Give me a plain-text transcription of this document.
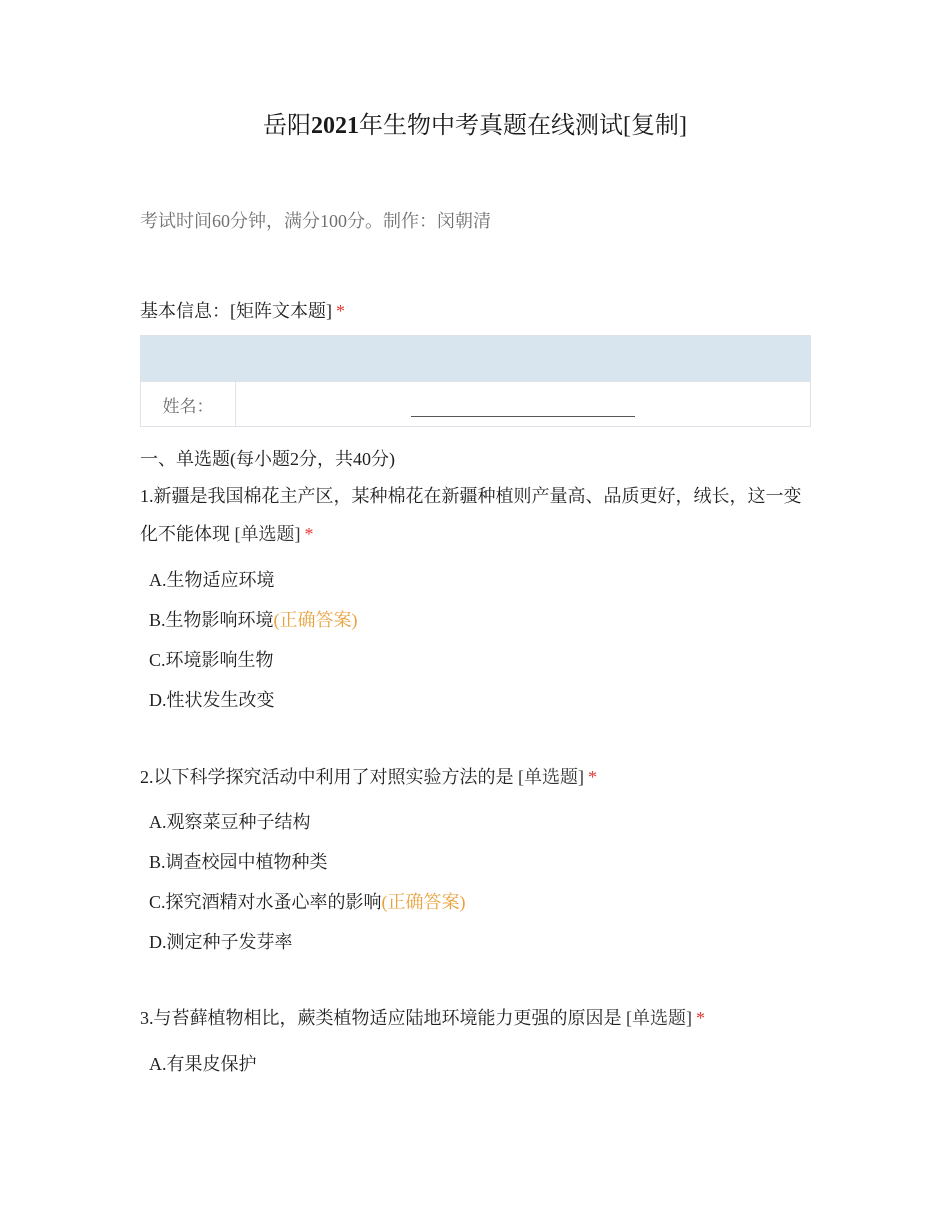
岳阳2021年生物中考真题在线测试[复制]
考试时间60分钟，满分100分。制作：闵朝清
基本信息：[矩阵文本题] *

姓名：	
一、单选题(每小题2分，共40分)
1.新疆是我国棉花主产区，某种棉花在新疆种植则产量高、品质更好，绒长，这一变化不能体现 [单选题] *
A.生物适应环境
B.生物影响环境(正确答案)
C.环境影响生物
D.性状发生改变
2.以下科学探究活动中利用了对照实验方法的是 [单选题] *
A.观察菜豆种子结构
B.调查校园中植物种类
C.探究酒精对水蚤心率的影响(正确答案)
D.测定种子发芽率
3.与苔藓植物相比，蕨类植物适应陆地环境能力更强的原因是 [单选题] *
A.有果皮保护
